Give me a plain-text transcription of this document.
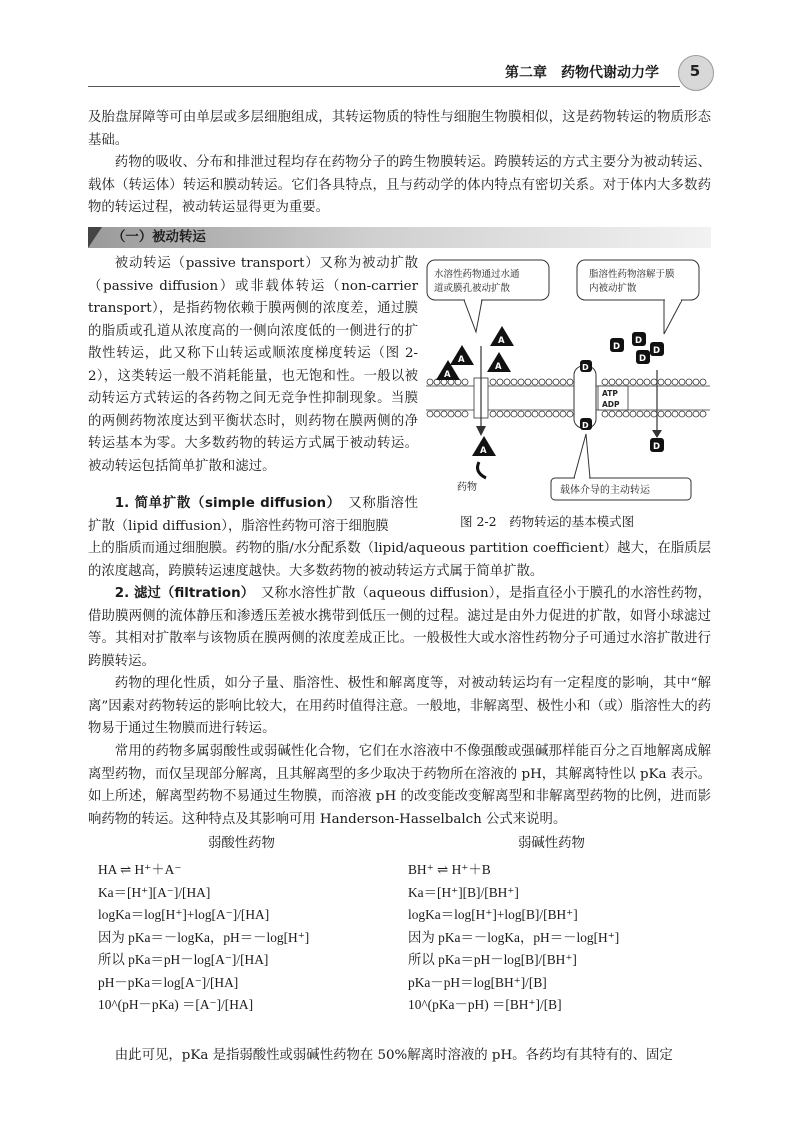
第二章　药物代谢动力学	5
及胎盘屏障等可由单层或多层细胞组成，其转运物质的特性与细胞生物膜相似，这是药物转运的物质形态基础。
药物的吸收、分布和排泄过程均存在药物分子的跨生物膜转运。跨膜转运的方式主要分为被动转运、载体（转运体）转运和膜动转运。它们各具特点，且与药动学的体内特点有密切关系。对于体内大多数药物的转运过程，被动转运显得更为重要。
（一）被动转运
被动转运（passive transport）又称为被动扩散（passive diffusion）或非载体转运（non-carrier transport），是指药物依赖于膜两侧的浓度差，通过膜的脂质或孔道从浓度高的一侧向浓度低的一侧进行的扩散性转运，此又称下山转运或顺浓度梯度转运（图 2-2），这类转运一般不消耗能量，也无饱和性。一般以被动转运方式转运的各药物之间无竞争性抑制现象。当膜的两侧药物浓度达到平衡状态时，则药物在膜两侧的净转运基本为零。大多数药物的转运方式属于被动转运。被动转运包括简单扩散和滤过。
1. 简单扩散（simple diffusion）　 又称脂溶性扩散（lipid diffusion），脂溶性药物可溶于细胞膜
水溶性药物通过水通
道或膜孔被动扩散
脂溶性药物溶解于膜
内被动扩散
A
A
A
A
A
D
D
ATP
ADP
D
D
D
D
D
药物	载体介导的主动转运
图 2-2　药物转运的基本模式图
上的脂质而通过细胞膜。药物的脂/水分配系数（lipid/aqueous partition coefficient）越大，在脂质层的浓度越高，跨膜转运速度越快。大多数药物的被动转运方式属于简单扩散。
2. 滤过（filtration）　 又称水溶性扩散（aqueous diffusion），是指直径小于膜孔的水溶性药物，借助膜两侧的流体静压和渗透压差被水携带到低压一侧的过程。滤过是由外力促进的扩散，如肾小球滤过等。其相对扩散率与该物质在膜两侧的浓度差成正比。一般极性大或水溶性药物分子可通过水溶扩散进行跨膜转运。
药物的理化性质，如分子量、脂溶性、极性和解离度等，对被动转运均有一定程度的影响，其中“解离”因素对药物转运的影响比较大，在用药时值得注意。一般地，非解离型、极性小和（或）脂溶性大的药物易于通过生物膜而进行转运。
常用的药物多属弱酸性或弱碱性化合物，它们在水溶液中不像强酸或强碱那样能百分之百地解离成解离型药物，而仅呈现部分解离，且其解离型的多少取决于药物所在溶液的 pH，其解离特性以 pKa 表示。如上所述，解离型药物不易通过生物膜，而溶液 pH 的改变能改变解离型和非解离型药物的比例，进而影响药物的转运。这种特点及其影响可用 Handerson-Hasselbalch 公式来说明。
弱酸性药物	弱碱性药物
HA ⇌ H⁺＋A⁻
Ka＝[H⁺][A⁻]/[HA]
logKa＝log[H⁺]+log[A⁻]/[HA]
因为 pKa＝－logKa，pH＝－log[H⁺]
所以 pKa＝pH－log[A⁻]/[HA]
pH－pKa＝log[A⁻]/[HA]
10^(pH－pKa) ＝[A⁻]/[HA]
BH⁺ ⇌ H⁺＋B
Ka＝[H⁺][B]/[BH⁺]
logKa＝log[H⁺]+log[B]/[BH⁺]
因为 pKa＝－logKa，pH＝－log[H⁺]
所以 pKa＝pH－log[B]/[BH⁺]
pKa－pH＝log[BH⁺]/[B]
10^(pKa－pH) ＝[BH⁺]/[B]
由此可见，pKa 是指弱酸性或弱碱性药物在 50%解离时溶液的 pH。各药均有其特有的、固定
